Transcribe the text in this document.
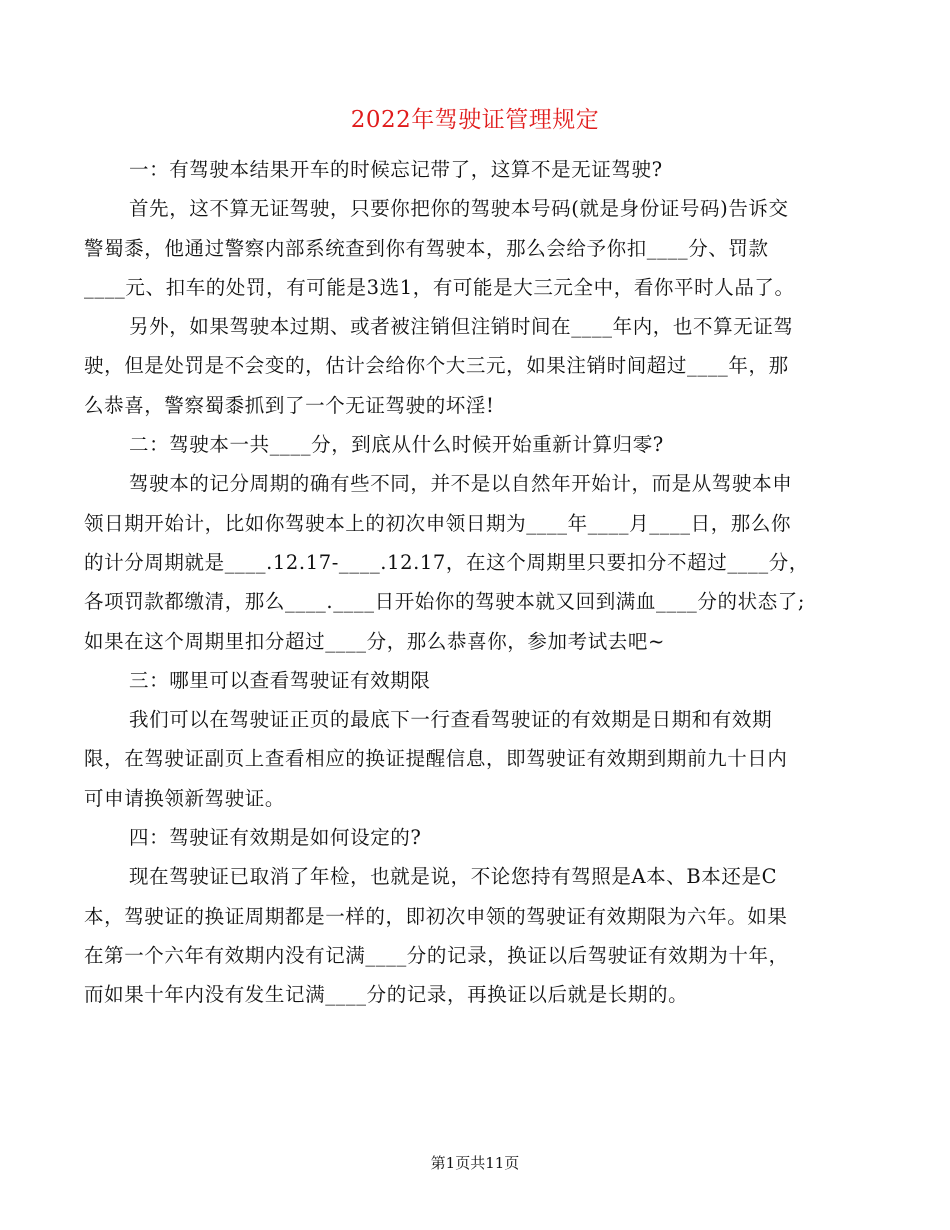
2022年驾驶证管理规定
一：有驾驶本结果开车的时候忘记带了，这算不是无证驾驶?
首先，这不算无证驾驶，只要你把你的驾驶本号码(就是身份证号码)告诉交
警蜀黍，他通过警察内部系统查到你有驾驶本，那么会给予你扣____分、罚款
____元、扣车的处罚，有可能是3选1，有可能是大三元全中，看你平时人品了。
另外，如果驾驶本过期、或者被注销但注销时间在____年内，也不算无证驾
驶，但是处罚是不会变的，估计会给你个大三元，如果注销时间超过____年，那
么恭喜，警察蜀黍抓到了一个无证驾驶的坏淫!
二：驾驶本一共____分，到底从什么时候开始重新计算归零?
驾驶本的记分周期的确有些不同，并不是以自然年开始计，而是从驾驶本申
领日期开始计，比如你驾驶本上的初次申领日期为____年____月____日，那么你
的计分周期就是____.12.17-____.12.17，在这个周期里只要扣分不超过____分，
各项罚款都缴清，那么____.____日开始你的驾驶本就又回到满血____分的状态了;
如果在这个周期里扣分超过____分，那么恭喜你，参加考试去吧~
三：哪里可以查看驾驶证有效期限
我们可以在驾驶证正页的最底下一行查看驾驶证的有效期是日期和有效期
限，在驾驶证副页上查看相应的换证提醒信息，即驾驶证有效期到期前九十日内
可申请换领新驾驶证。
四：驾驶证有效期是如何设定的?
现在驾驶证已取消了年检，也就是说，不论您持有驾照是A本、B本还是C
本，驾驶证的换证周期都是一样的，即初次申领的驾驶证有效期限为六年。如果
在第一个六年有效期内没有记满____分的记录，换证以后驾驶证有效期为十年，
而如果十年内没有发生记满____分的记录，再换证以后就是长期的。
第1页共11页
